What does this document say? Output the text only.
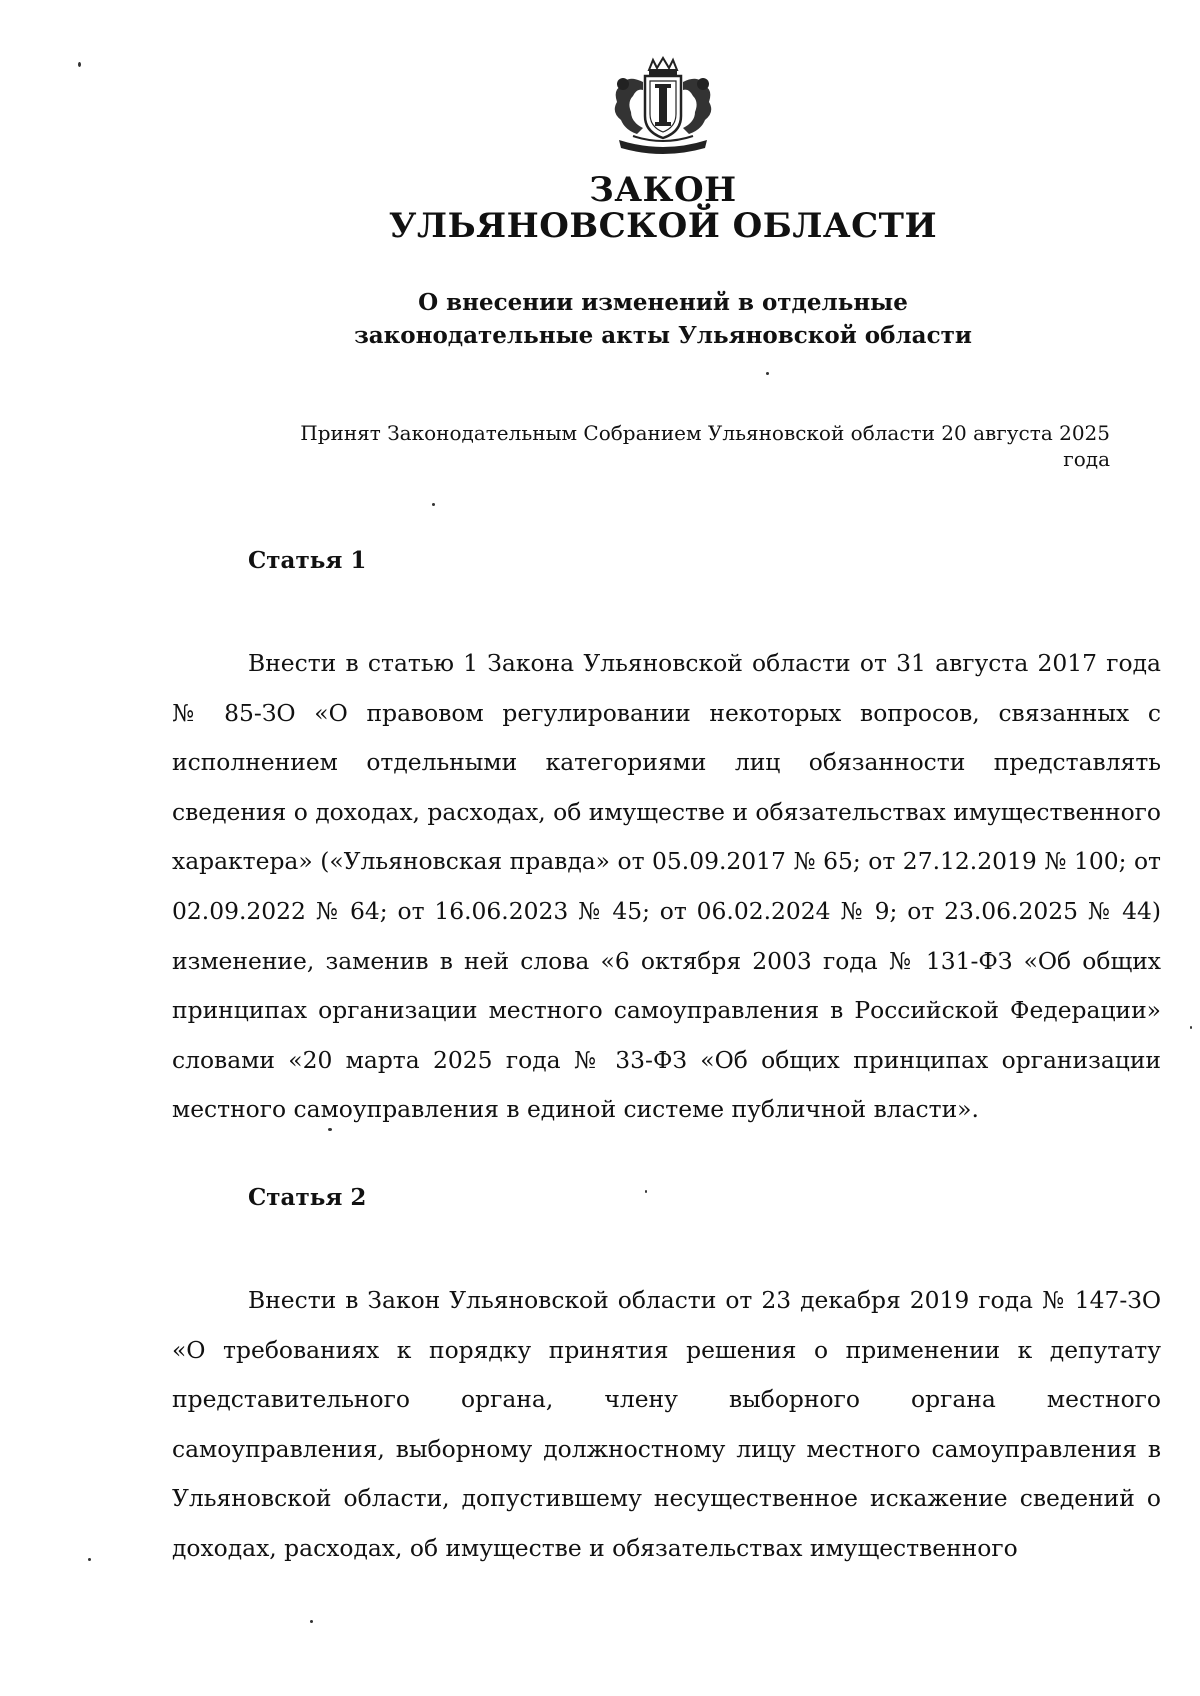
ЗАКОН
УЛЬЯНОВСКОЙ ОБЛАСТИ
О внесении изменений в отдельные
законодательные акты Ульяновской области
Принят Законодательным Собранием Ульяновской области 20 августа 2025 года
Статья 1

Внести в статью 1 Закона Ульяновской области от 31 августа 2017 года № 85-ЗО «О правовом регулировании некоторых вопросов, связанных с исполнением отдельными категориями лиц обязанности представлять сведения о доходах, расходах, об имуществе и обязательствах имущественного характера» («Ульяновская правда» от 05.09.2017 № 65; от 27.12.2019 № 100; от 02.09.2022 № 64; от 16.06.2023 № 45; от 06.02.2024 № 9; от 23.06.2025 № 44) изменение, заменив в ней слова «6 октября 2003 года № 131-ФЗ «Об общих принципах организации местного самоуправления в Российской Федерации» словами «20 марта 2025 года № 33-ФЗ «Об общих принципах организации местного самоуправления в единой системе публичной власти».

Статья 2

Внести в Закон Ульяновской области от 23 декабря 2019 года № 147-ЗО «О требованиях к порядку принятия решения о применении к депутату представительного органа, члену выборного органа местного самоуправления, выборному должностному лицу местного самоуправления в Ульяновской области, допустившему несущественное искажение сведений о доходах, расходах, об имуществе и обязательствах имущественного
